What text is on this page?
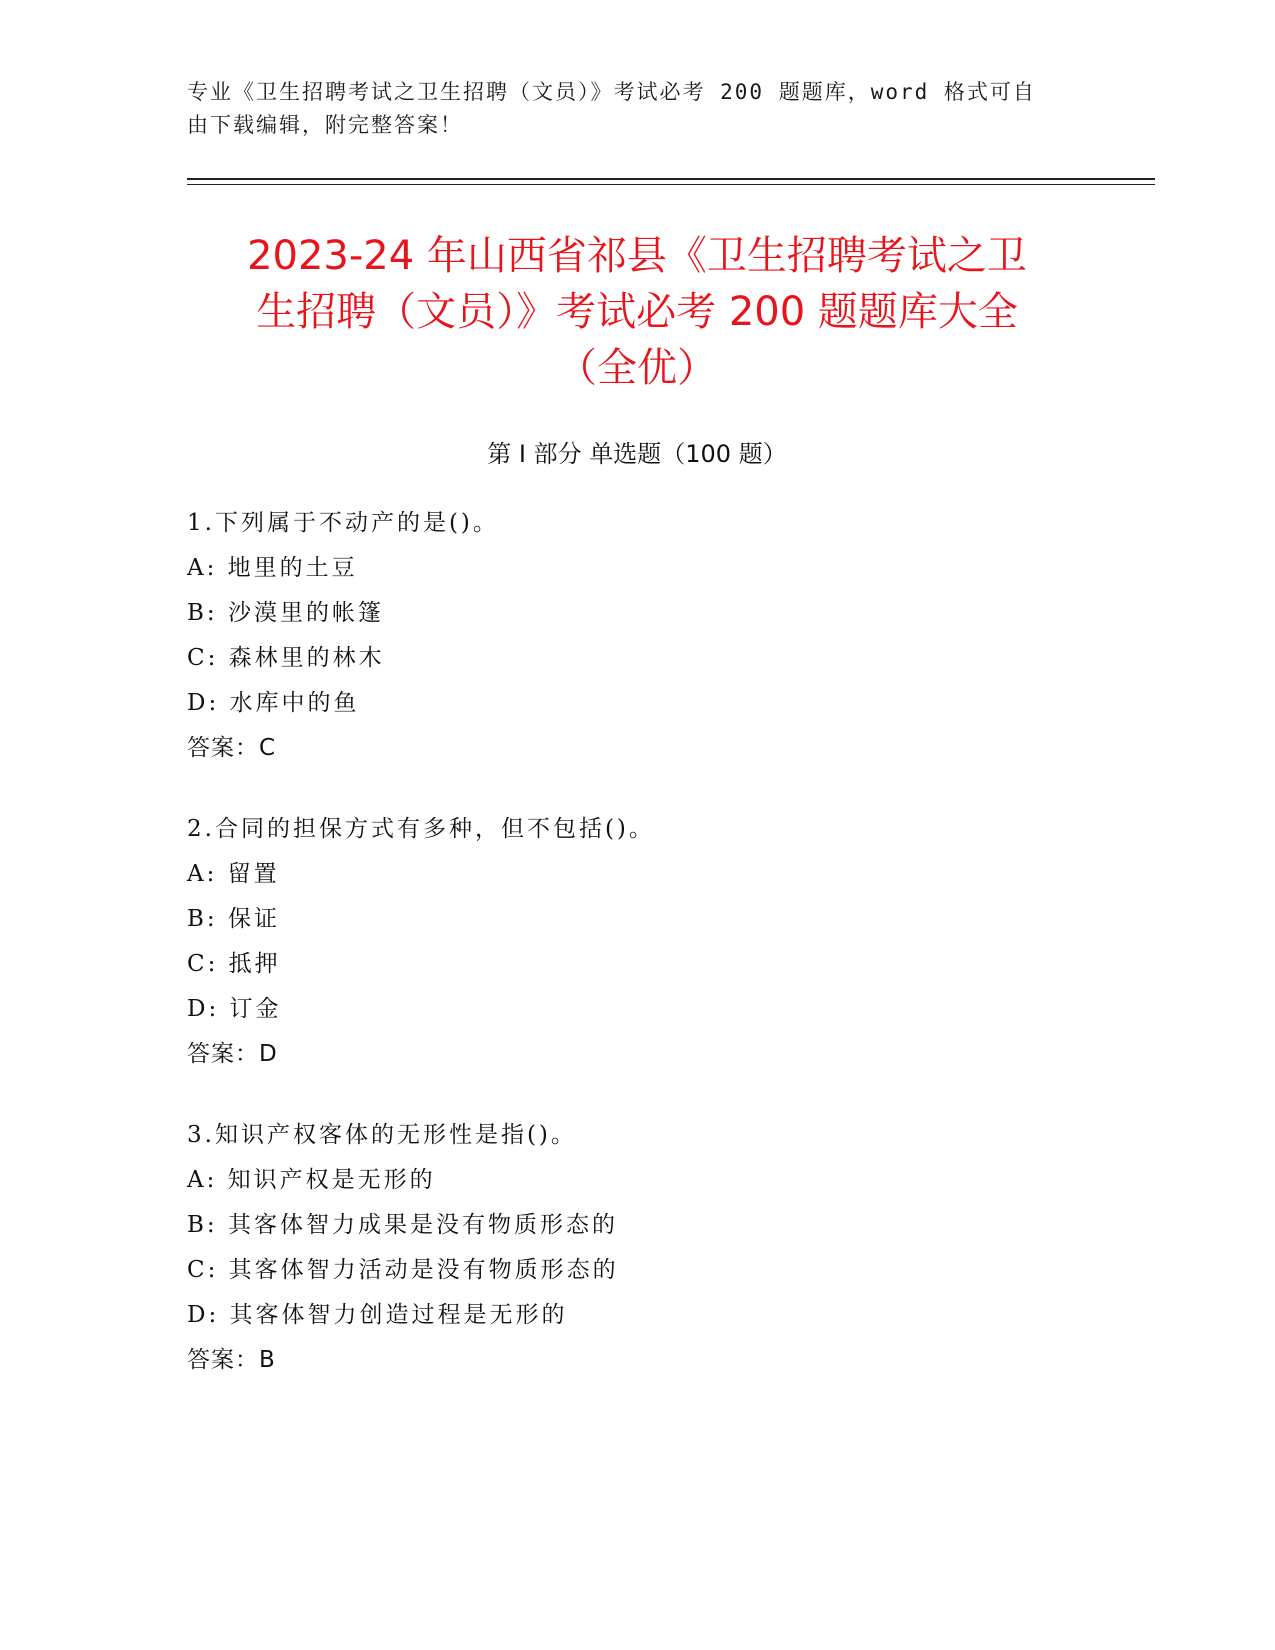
专业《卫生招聘考试之卫生招聘（文员）》考试必考 200 题题库，word 格式可自
由下载编辑，附完整答案！
2023-24 年山西省祁县《卫生招聘考试之卫
生招聘（文员）》考试必考 200 题题库大全
（全优）
第 I 部分 单选题（100 题）
1.下列属于不动产的是()。
A: 地里的土豆
B: 沙漠里的帐篷
C: 森林里的林木
D: 水库中的鱼
答案：C
2.合同的担保方式有多种，但不包括()。
A: 留置
B: 保证
C: 抵押
D: 订金
答案：D
3.知识产权客体的无形性是指()。
A: 知识产权是无形的
B: 其客体智力成果是没有物质形态的
C: 其客体智力活动是没有物质形态的
D: 其客体智力创造过程是无形的
答案：B
